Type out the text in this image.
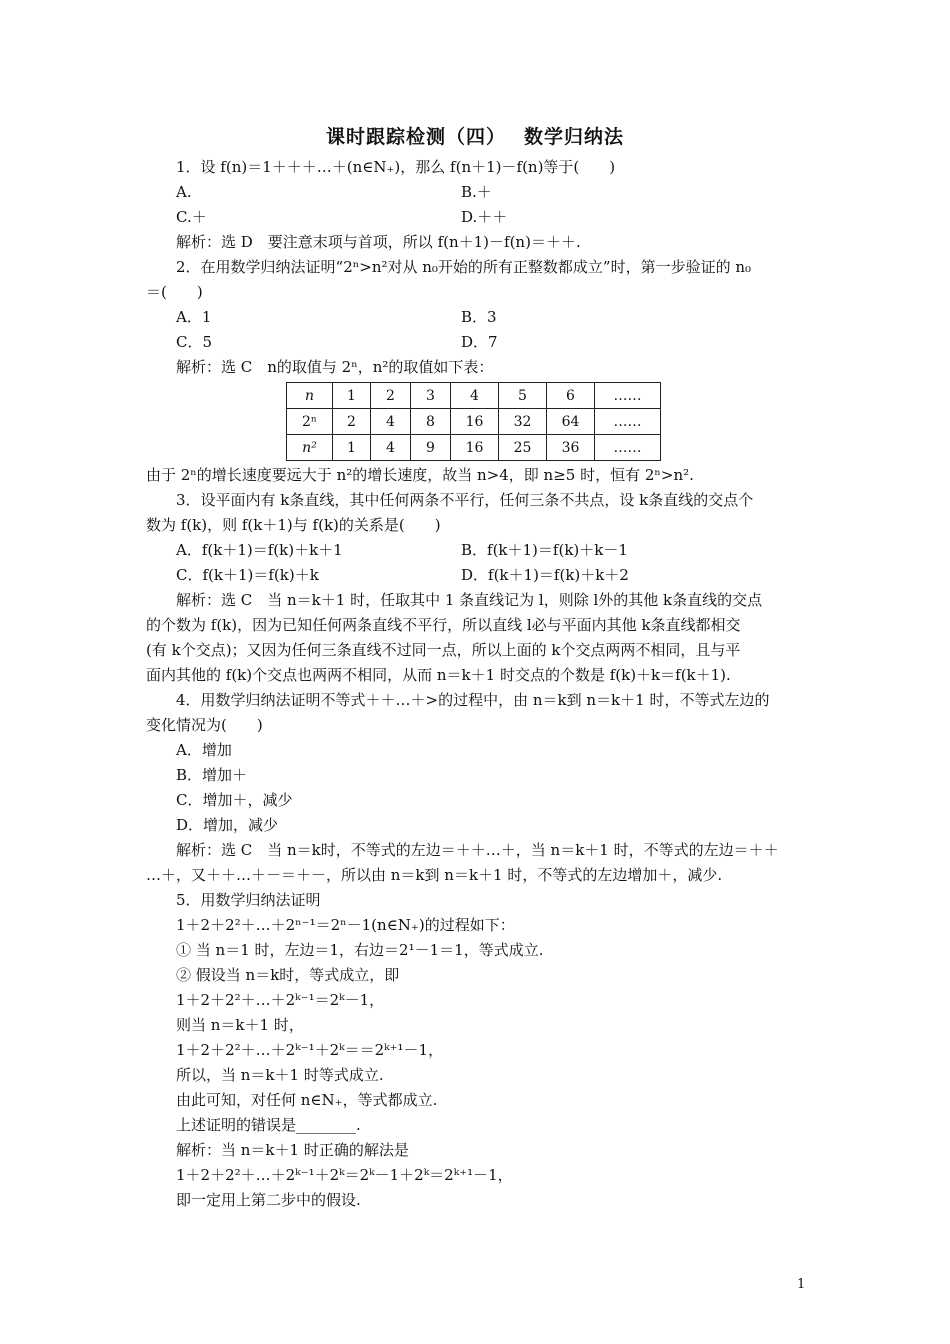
课时跟踪检测（四）　 数学归纳法
1．设 f(n)＝1＋＋＋…＋(n∈N₊)，那么 f(n＋1)－f(n)等于(　　)
A.	B.＋
C.＋	D.＋＋
解析：选 D　要注意末项与首项，所以 f(n＋1)－f(n)＝＋＋.
2．在用数学归纳法证明“2ⁿ>n²对从 n₀开始的所有正整数都成立”时，第一步验证的 n₀
＝(　　)
A．1	B．3
C．5	D．7
解析：选 C　n的取值与 2ⁿ，n²的取值如下表：
n	1	2	3	4	5	6	……
2ⁿ	2	4	8	16	32	64	……
n²	1	4	9	16	25	36	……
由于 2ⁿ的增长速度要远大于 n²的增长速度，故当 n>4，即 n≥5 时，恒有 2ⁿ>n².
3．设平面内有 k条直线，其中任何两条不平行，任何三条不共点，设 k条直线的交点个
数为 f(k)，则 f(k＋1)与 f(k)的关系是(　　)
A．f(k＋1)＝f(k)＋k＋1	B．f(k＋1)＝f(k)＋k－1
C．f(k＋1)＝f(k)＋k	D．f(k＋1)＝f(k)＋k＋2
解析：选 C　当 n＝k＋1 时，任取其中 1 条直线记为 l，则除 l外的其他 k条直线的交点
的个数为 f(k)，因为已知任何两条直线不平行，所以直线 l必与平面内其他 k条直线都相交
(有 k个交点)；又因为任何三条直线不过同一点，所以上面的 k个交点两两不相同，且与平
面内其他的 f(k)个交点也两两不相同，从而 n＝k＋1 时交点的个数是 f(k)＋k＝f(k＋1).
4．用数学归纳法证明不等式＋＋…＋>的过程中，由 n＝k到 n＝k＋1 时，不等式左边的
变化情况为(　　)
A．增加
B．增加＋
C．增加＋，减少
D．增加，减少
解析：选 C　当 n＝k时，不等式的左边＝＋＋…＋，当 n＝k＋1 时，不等式的左边＝＋＋
…＋，又＋＋…＋－＝＋－，所以由 n＝k到 n＝k＋1 时，不等式的左边增加＋，减少.
5．用数学归纳法证明
1＋2＋2²＋…＋2ⁿ⁻¹＝2ⁿ－1(n∈N₊)的过程如下：
① 当 n＝1 时，左边＝1，右边＝2¹－1＝1，等式成立.
② 假设当 n＝k时，等式成立，即
1＋2＋2²＋…＋2ᵏ⁻¹＝2ᵏ－1，
则当 n＝k＋1 时，
1＋2＋2²＋…＋2ᵏ⁻¹＋2ᵏ＝＝2ᵏ⁺¹－1，
所以，当 n＝k＋1 时等式成立.
由此可知，对任何 n∈N₊，等式都成立.
上述证明的错误是________.
解析：当 n＝k＋1 时正确的解法是
1＋2＋2²＋…＋2ᵏ⁻¹＋2ᵏ＝2ᵏ－1＋2ᵏ＝2ᵏ⁺¹－1，
即一定用上第二步中的假设.
1
